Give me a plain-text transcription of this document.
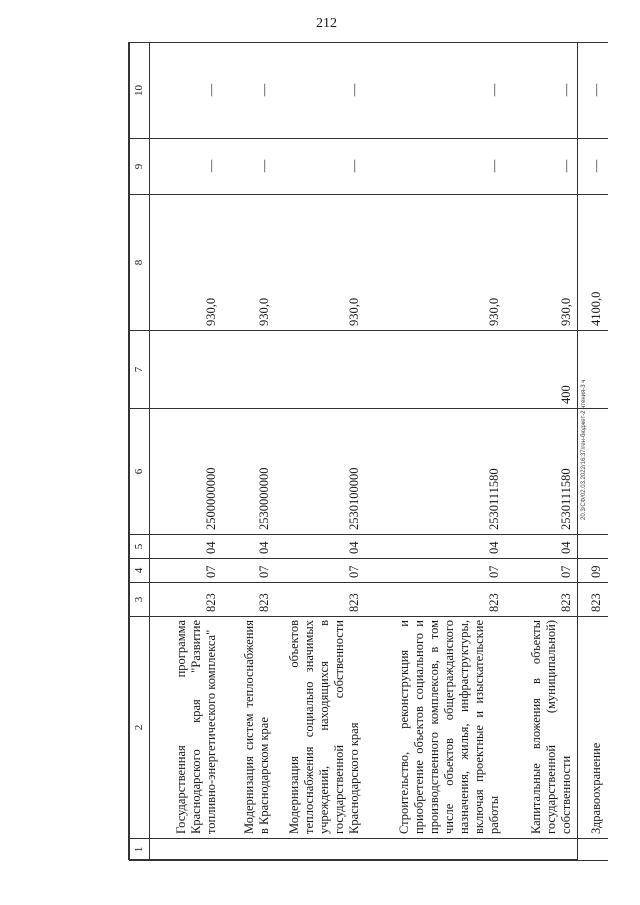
212
20.3/СФ/02.03.2022/16:37/ген-бюджет-2 чтения-3 ч
1	2	3	4	5	6	7	8	9	10
	Государственная программа Краснодарского края "Развитие топливно-энергетического комплекса"	823	07	04	2500000000		930,0	—	—
	Модернизация систем теплоснабжения в Краснодарском крае	823	07	04	2530000000		930,0	—	—
	Модернизация объектов теплоснабжения социально значимых учреждений, находящихся в государственной собственности Краснодарского края	823	07	04	2530100000		930,0	—	—
	Строительство, реконструкция и приобретение объектов социального и производственного комплексов, в том числе объектов общегражданского назначения, жилья, инфраструктуры, включая проектные и изыскательские работы	823	07	04	2530111580		930,0	—	—
	Капитальные вложения в объекты государственной (муниципальной) собственности	823	07	04	2530111580	400	930,0	—	—
	Здравоохранение	823	09				4100,0	—	—
